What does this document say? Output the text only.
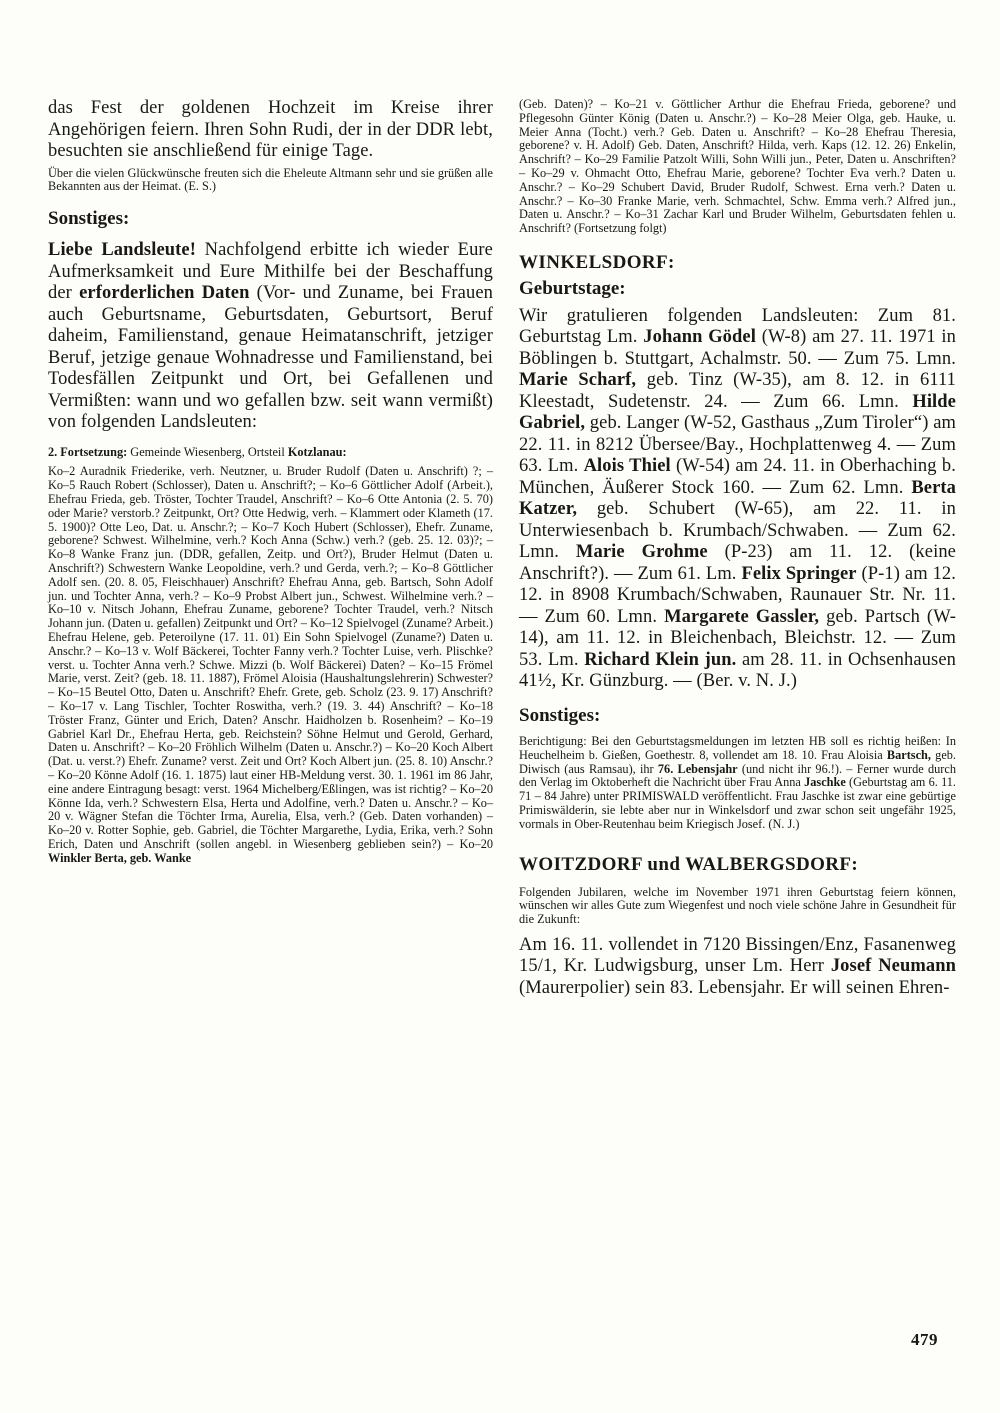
das Fest der goldenen Hochzeit im Kreise ihrer Angehörigen feiern. Ihren Sohn Rudi, der in der DDR lebt, besuchten sie anschließend für einige Tage.

Über die vielen Glückwünsche freuten sich die Eheleute Altmann sehr und sie grüßen alle Bekannten aus der Heimat. (E. S.)

Sonstiges:

Liebe Landsleute! Nachfolgend erbitte ich wieder Eure Aufmerksamkeit und Eure Mithilfe bei der Beschaffung der erforderlichen Daten (Vor- und Zuname, bei Frauen auch Geburtsname, Geburtsdaten, Geburtsort, Beruf daheim, Familienstand, genaue Heimatanschrift, jetziger Beruf, jetzige genaue Wohnadresse und Familienstand, bei Todesfällen Zeitpunkt und Ort, bei Gefallenen und Vermißten: wann und wo gefallen bzw. seit wann vermißt) von folgenden Landsleuten:

2. Fortsetzung: Gemeinde Wiesenberg, Ortsteil Kotzlanau:

Ko–2 Auradnik Friederike, verh. Neutzner, u. Bruder Rudolf (Daten u. Anschrift) ?; – Ko–5 Rauch Robert (Schlosser), Daten u. Anschrift?; – Ko–6 Göttlicher Adolf (Arbeit.), Ehefrau Frieda, geb. Tröster, Tochter Traudel, Anschrift? – Ko–6 Otte Antonia (2. 5. 70) oder Marie? verstorb.? Zeitpunkt, Ort? Otte Hedwig, verh. – Klammert oder Klameth (17. 5. 1900)? Otte Leo, Dat. u. Anschr.?; – Ko–7 Koch Hubert (Schlosser), Ehefr. Zuname, geborene? Schwest. Wilhelmine, verh.? Koch Anna (Schw.) verh.? (geb. 25. 12. 03)?; – Ko–8 Wanke Franz jun. (DDR, gefallen, Zeitp. und Ort?), Bruder Helmut (Daten u. Anschrift?) Schwestern Wanke Leopoldine, verh.? und Gerda, verh.?; – Ko–8 Göttlicher Adolf sen. (20. 8. 05, Fleischhauer) Anschrift? Ehefrau Anna, geb. Bartsch, Sohn Adolf jun. und Tochter Anna, verh.? – Ko–9 Probst Albert jun., Schwest. Wilhelmine verh.? – Ko–10 v. Nitsch Johann, Ehefrau Zuname, geborene? Tochter Traudel, verh.? Nitsch Johann jun. (Daten u. gefallen) Zeitpunkt und Ort? – Ko–12 Spielvogel (Zuname? Arbeit.) Ehefrau Helene, geb. Peteroilyne (17. 11. 01) Ein Sohn Spielvogel (Zuname?) Daten u. Anschr.? – Ko–13 v. Wolf Bäckerei, Tochter Fanny verh.? Tochter Luise, verh. Plischke? verst. u. Tochter Anna verh.? Schwe. Mizzi (b. Wolf Bäckerei) Daten? – Ko–15 Frömel Marie, verst. Zeit? (geb. 18. 11. 1887), Frömel Aloisia (Haushaltungslehrerin) Schwester? – Ko–15 Beutel Otto, Daten u. Anschrift? Ehefr. Grete, geb. Scholz (23. 9. 17) Anschrift? – Ko–17 v. Lang Tischler, Tochter Roswitha, verh.? (19. 3. 44) Anschrift? – Ko–18 Tröster Franz, Günter und Erich, Daten? Anschr. Haidholzen b. Rosenheim? – Ko–19 Gabriel Karl Dr., Ehefrau Herta, geb. Reichstein? Söhne Helmut und Gerold, Gerhard, Daten u. Anschrift? – Ko–20 Fröhlich Wilhelm (Daten u. Anschr.?) – Ko–20 Koch Albert (Dat. u. verst.?) Ehefr. Zuname? verst. Zeit und Ort? Koch Albert jun. (25. 8. 10) Anschr.? – Ko–20 Könne Adolf (16. 1. 1875) laut einer HB-Meldung verst. 30. 1. 1961 im 86 Jahr, eine andere Eintragung besagt: verst. 1964 Michelberg/Eßlingen, was ist richtig? – Ko–20 Könne Ida, verh.? Schwestern Elsa, Herta und Adolfine, verh.? Daten u. Anschr.? – Ko–20 v. Wägner Stefan die Töchter Irma, Aurelia, Elsa, verh.? (Geb. Daten vorhanden) – Ko–20 v. Rotter Sophie, geb. Gabriel, die Töchter Margarethe, Lydia, Erika, verh.? Sohn Erich, Daten und Anschrift (sollen angebl. in Wiesenberg geblieben sein?) – Ko–20 Winkler Berta, geb. Wanke

(Geb. Daten)? – Ko–21 v. Göttlicher Arthur die Ehefrau Frieda, geborene? und Pflegesohn Günter König (Daten u. Anschr.?) – Ko–28 Meier Olga, geb. Hauke, u. Meier Anna (Tocht.) verh.? Geb. Daten u. Anschrift? – Ko–28 Ehefrau Theresia, geborene? v. H. Adolf) Geb. Daten, Anschrift? Hilda, verh. Kaps (12. 12. 26) Enkelin, Anschrift? – Ko–29 Familie Patzolt Willi, Sohn Willi jun., Peter, Daten u. Anschriften? – Ko–29 v. Ohmacht Otto, Ehefrau Marie, geborene? Tochter Eva verh.? Daten u. Anschr.? – Ko–29 Schubert David, Bruder Rudolf, Schwest. Erna verh.? Daten u. Anschr.? – Ko–30 Franke Marie, verh. Schmachtel, Schw. Emma verh.? Alfred jun., Daten u. Anschr.? – Ko–31 Zachar Karl und Bruder Wilhelm, Geburtsdaten fehlen u. Anschrift? (Fortsetzung folgt)

WINKELSDORF:
Geburtstage:

Wir gratulieren folgenden Landsleuten: Zum 81. Geburtstag Lm. Johann Gödel (W-8) am 27. 11. 1971 in Böblingen b. Stuttgart, Achalmstr. 50. — Zum 75. Lmn. Marie Scharf, geb. Tinz (W-35), am 8. 12. in 6111 Kleestadt, Sudetenstr. 24. — Zum 66. Lmn. Hilde Gabriel, geb. Langer (W-52, Gasthaus „Zum Tiroler“) am 22. 11. in 8212 Übersee/Bay., Hochplattenweg 4. — Zum 63. Lm. Alois Thiel (W-54) am 24. 11. in Oberhaching b. München, Äußerer Stock 160. — Zum 62. Lmn. Berta Katzer, geb. Schubert (W-65), am 22. 11. in Unterwiesenbach b. Krumbach/Schwaben. — Zum 62. Lmn. Marie Grohme (P-23) am 11. 12. (keine Anschrift?). — Zum 61. Lm. Felix Springer (P-1) am 12. 12. in 8908 Krumbach/Schwaben, Raunauer Str. Nr. 11. — Zum 60. Lmn. Margarete Gassler, geb. Partsch (W-14), am 11. 12. in Bleichenbach, Bleichstr. 12. — Zum 53. Lm. Richard Klein jun. am 28. 11. in Ochsenhausen 41½, Kr. Günzburg. — (Ber. v. N. J.)

Sonstiges:

Berichtigung: Bei den Geburtstagsmeldungen im letzten HB soll es richtig heißen: In Heuchelheim b. Gießen, Goethestr. 8, vollendet am 18. 10. Frau Aloisia Bartsch, geb. Diwisch (aus Ramsau), ihr 76. Lebensjahr (und nicht ihr 96.!). – Ferner wurde durch den Verlag im Oktoberheft die Nachricht über Frau Anna Jaschke (Geburtstag am 6. 11. 71 – 84 Jahre) unter PRIMISWALD veröffentlicht. Frau Jaschke ist zwar eine gebürtige Primiswälderin, sie lebte aber nur in Winkelsdorf und zwar schon seit ungefähr 1925, vormals in Ober-Reutenhau beim Kriegisch Josef. (N. J.)

WOITZDORF und WALBERGSDORF:

Folgenden Jubilaren, welche im November 1971 ihren Geburtstag feiern können, wünschen wir alles Gute zum Wiegenfest und noch viele schöne Jahre in Gesundheit für die Zukunft:

Am 16. 11. vollendet in 7120 Bissingen/Enz, Fasanenweg 15/1, Kr. Ludwigsburg, unser Lm. Herr Josef Neumann (Maurerpolier) sein 83. Lebensjahr. Er will seinen Ehren-

479
